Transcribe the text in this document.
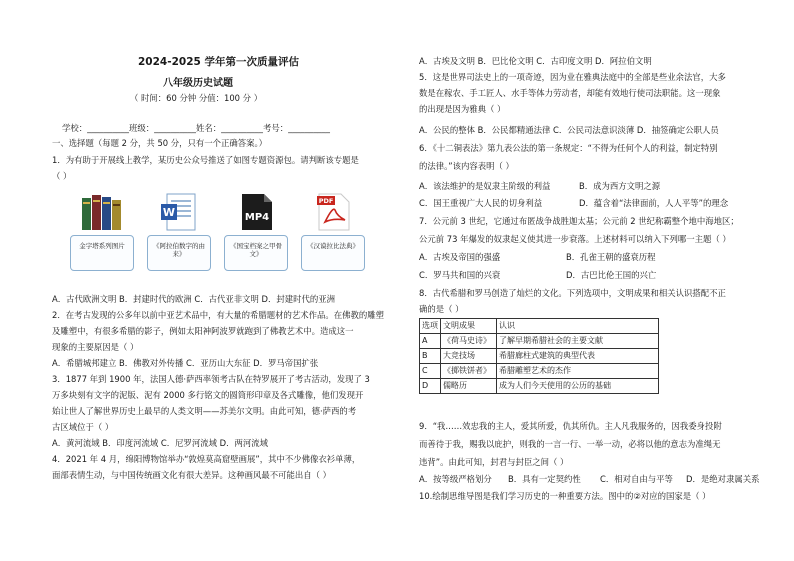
2024-2025 学年第一次质量评估
八年级历史试题
（ 时间：60 分钟 分值：100 分 ）
学校：__________班级：__________姓名：__________考号：__________
一、选择题（每题 2 分，共 50 分，只有一个正确答案。）
1．为有助于开展线上教学，某历史公众号推送了如图专题资源包。请判断该专题是
（ ）
金字塔系列图片
W
《阿拉伯数字的由来》
MP4
《国宝档案之甲骨文》
PDF
《汉谟拉比法典》
A．古代欧洲文明 B．封建时代的欧洲 C．古代亚非文明 D．封建时代的亚洲
2．在考古发现的公多年以前中亚艺术品中，有大量的希腊题材的艺术作品。在佛教的雕塑
及雕塑中，有很多希腊的影子，例如太阳神阿波罗就跑到了佛教艺术中。造成这一
现象的主要原因是（ ）
A．希腊城邦建立 B．佛教对外传播 C．亚历山大东征 D．罗马帝国扩张
3．1877 年到 1900 年，法国人德·萨西率领考古队在特罗展开了考古活动，发现了 3
万多块刻有文字的泥版、泥有 2000 多行铭文的圆筒形印章及各式雕像，他们发现开
始让世人了解世界历史上最早的人类文明——苏美尔文明。由此可知，德·萨西的考
古区域位于（ ）
A．黄河流域 B．印度河流域 C．尼罗河流域 D．两河流域
4．2021 年 4 月，绵阳博物馆举办“敦煌莫高窟壁画展”，其中不少佛像衣衫单薄，
面部表情生动，与中国传统画文化有很大差异。这种画风最不可能出自（ ）
A．古埃及文明 B．巴比伦文明 C．古印度文明 D．阿拉伯文明
5．这是世界司法史上的一项奇迹，因为业在雅典法庭中的全部是些业余法官，大多
数是在稼农、手工匠人、水手等体力劳动者，却能有效地行使司法职能。这一现象
的出现是因为雅典（ ）
A．公民的整体 B．公民都精通法律 C．公民司法意识淡薄 D．抽签确定公职人员
6．《十二铜表法》第九表公法的第一条规定：“不得为任何个人的利益，制定特别
的法律。”该内容表明（ ）
A．该法维护的是奴隶主阶级的利益	B．成为西方文明之源
C．国王重视广大人民的切身利益	D．蕴含着“法律面前，人人平等”的理念
7．公元前 3 世纪，它通过布匿战争战胜迦太基；公元前 2 世纪称霸整个地中海地区；
公元前 73 年爆发的奴隶起义使其进一步衰落。上述材料可以纳入下列哪一主题（ ）
A．古埃及帝国的强盛	B．孔雀王朝的盛衰历程
C．罗马共和国的兴衰	D．古巴比伦王国的兴亡
8．古代希腊和罗马创造了灿烂的文化。下列选项中，文明成果和相关认识搭配不正
确的是（ ）
选项	文明成果	认识
A	《荷马史诗》	了解早期希腊社会的主要文献
B	大竞技场	希腊廊柱式建筑的典型代表
C	《掷铁饼者》	希腊雕塑艺术的杰作
D	儒略历	成为人们今天使用的公历的基础
9．“我……效忠我的主人，爱其所爱，仇其所仇。主人凡我服务的，因我委身投附
而善待于我，赐我以庇护，则我的一言一行、一举一动，必将以他的意志为准绳无
违背”。由此可知，封君与封臣之间（ ）
A．按等级严格划分 B．具有一定契约性 C．相对自由与平等 D．是绝对隶属关系
10.绘制思维导图是我们学习历史的一种重要方法。图中的②对应的国家是（ ）
